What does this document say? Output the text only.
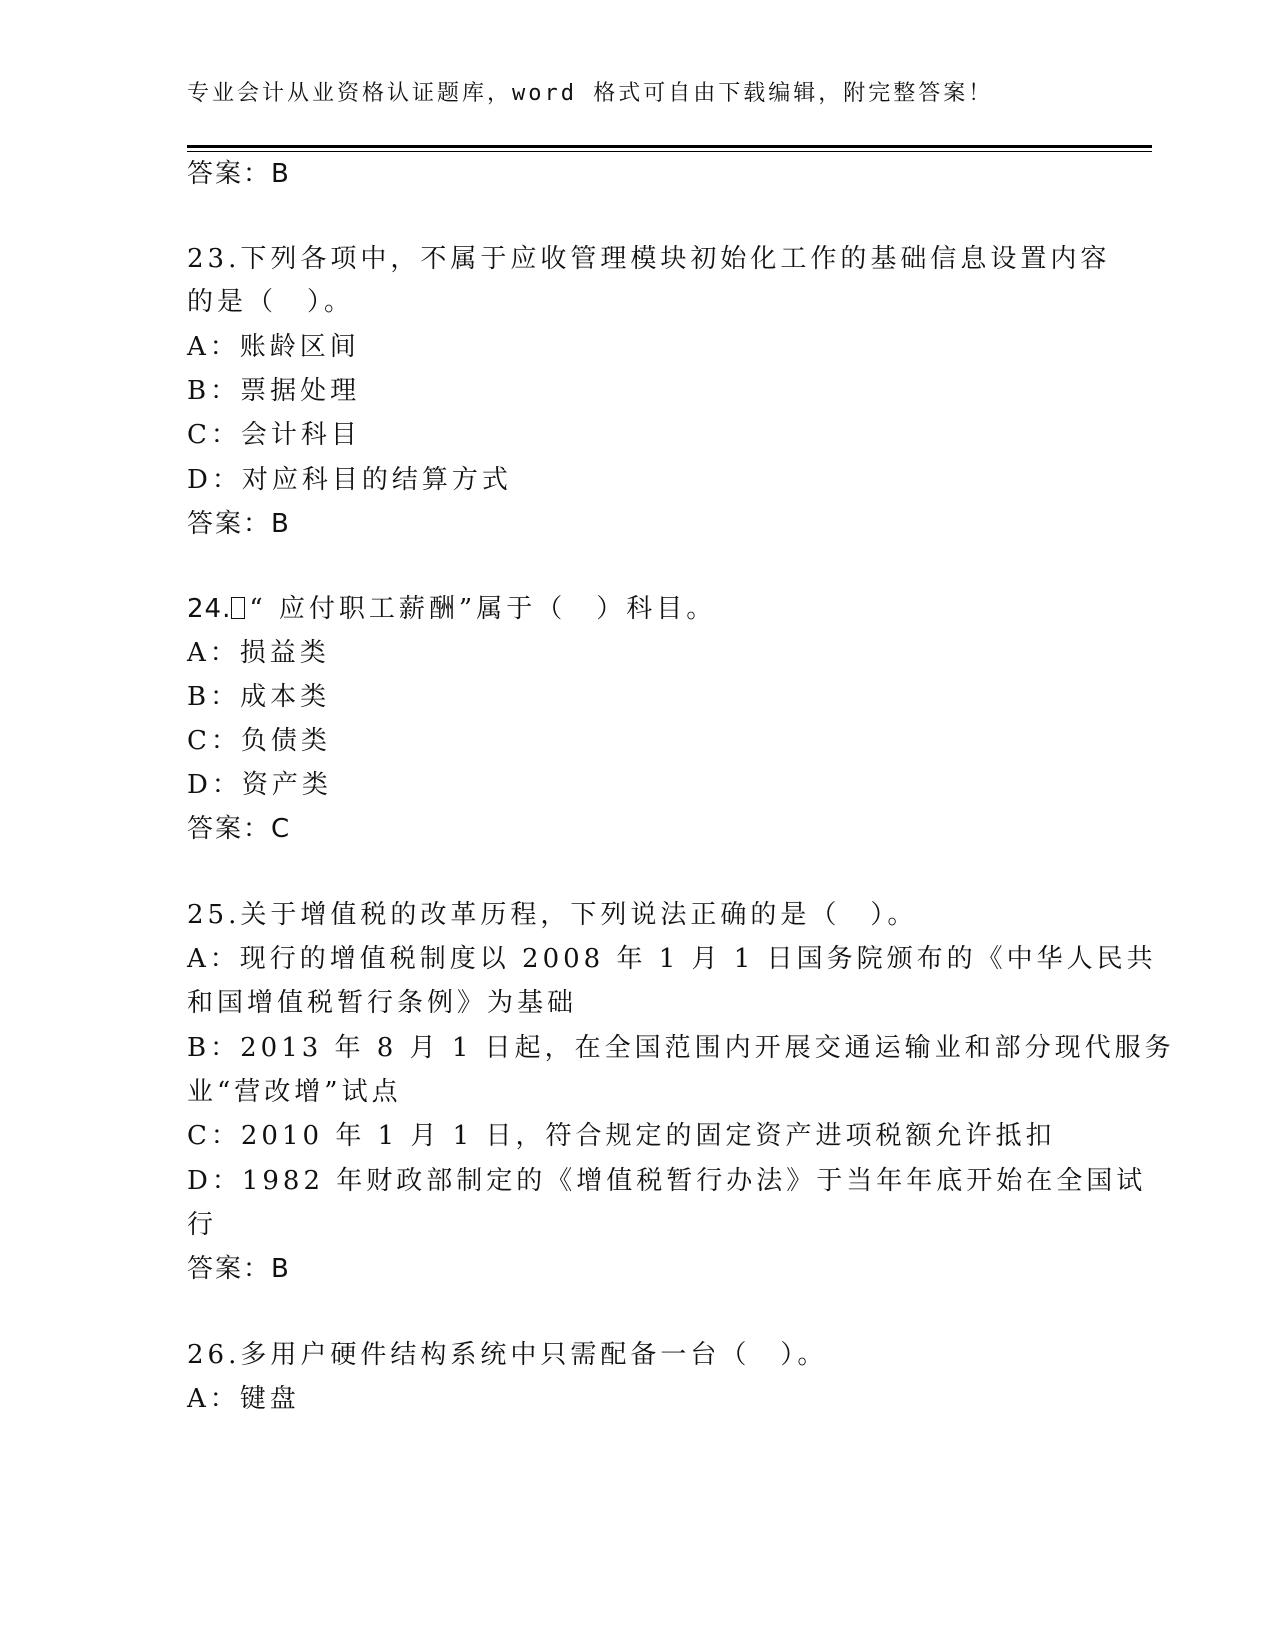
专业会计从业资格认证题库，word 格式可自由下载编辑，附完整答案！
答案：B
23.下列各项中，不属于应收管理模块初始化工作的基础信息设置内容
的是（　）。
A：账龄区间
B：票据处理
C：会计科目
D：对应科目的结算方式
答案：B
24. “ 应付职工薪酬”属于（　）科目。
A：损益类
B：成本类
C：负债类
D：资产类
答案：C
25.关于增值税的改革历程，下列说法正确的是（　）。
A：现行的增值税制度以 2008 年 1 月 1 日国务院颁布的《中华人民共
和国增值税暂行条例》为基础
B：2013 年 8 月 1 日起，在全国范围内开展交通运输业和部分现代服务
业“营改增”试点
C：2010 年 1 月 1 日，符合规定的固定资产进项税额允许抵扣
D：1982 年财政部制定的《增值税暂行办法》于当年年底开始在全国试
行
答案：B
26.多用户硬件结构系统中只需配备一台（　）。
A：键盘
